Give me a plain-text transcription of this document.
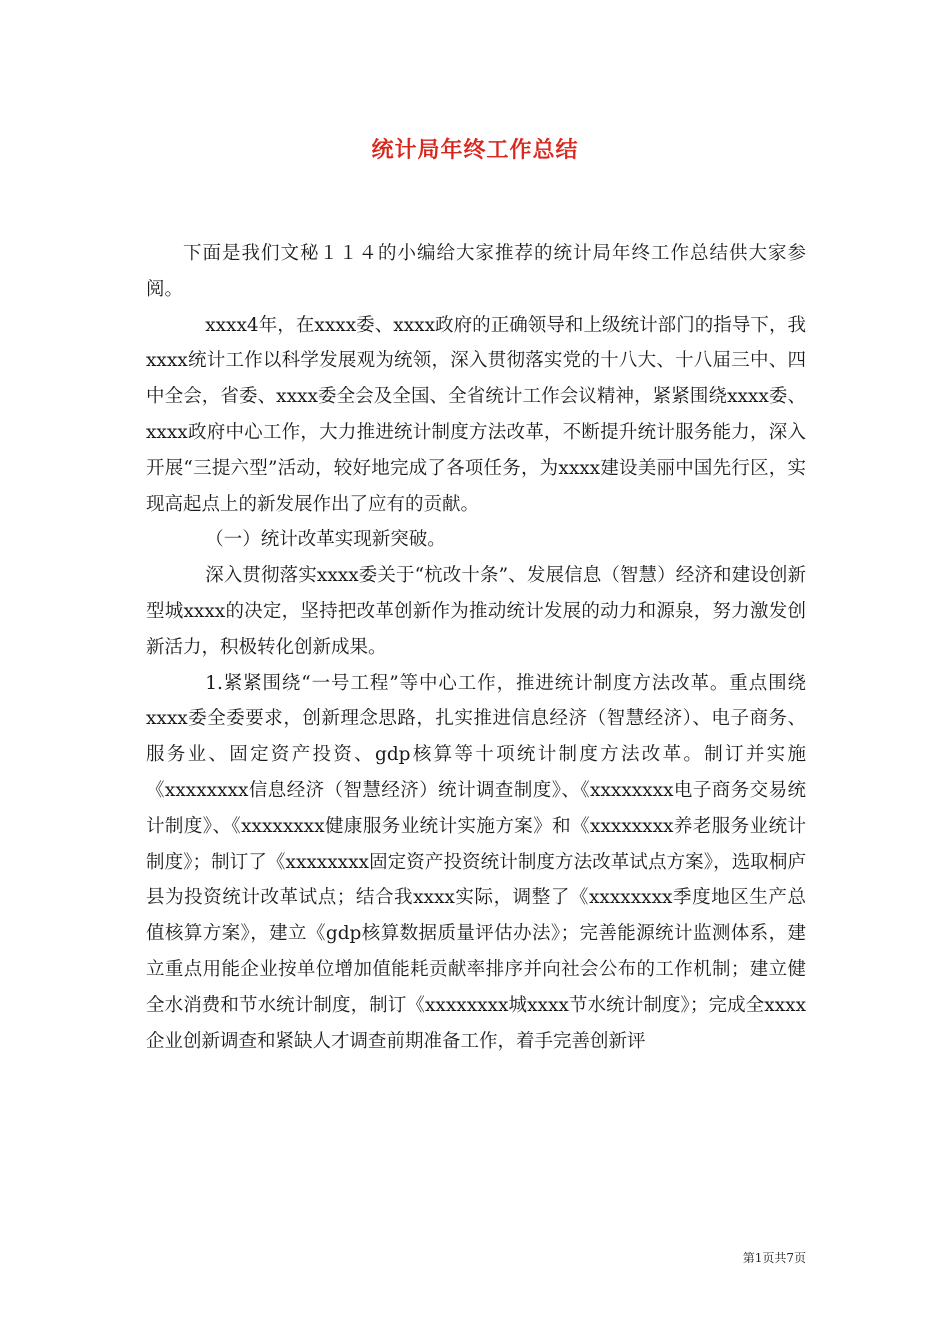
统计局年终工作总结

下面是我们文秘１１４的小编给大家推荐的统计局年终工作总结供大家参阅。

xxxx4年，在xxxx委、xxxx政府的正确领导和上级统计部门的指导下，我xxxx统计工作以科学发展观为统领，深入贯彻落实党的十八大、十八届三中、四中全会，省委、xxxx委全会及全国、全省统计工作会议精神，紧紧围绕xxxx委、xxxx政府中心工作，大力推进统计制度方法改革，不断提升统计服务能力，深入开展“三提六型”活动，较好地完成了各项任务，为xxxx建设美丽中国先行区，实现高起点上的新发展作出了应有的贡献。

（一）统计改革实现新突破。

深入贯彻落实xxxx委关于“杭改十条”、发展信息（智慧）经济和建设创新型城xxxx的决定，坚持把改革创新作为推动统计发展的动力和源泉，努力激发创新活力，积极转化创新成果。

1.紧紧围绕“一号工程”等中心工作，推进统计制度方法改革。重点围绕xxxx委全委要求，创新理念思路，扎实推进信息经济（智慧经济）、电子商务、服务业、固定资产投资、gdp核算等十项统计制度方法改革。制订并实施《xxxxxxxx信息经济（智慧经济）统计调查制度》、《xxxxxxxx电子商务交易统计制度》、《xxxxxxxx健康服务业统计实施方案》和《xxxxxxxx养老服务业统计制度》；制订了《xxxxxxxx固定资产投资统计制度方法改革试点方案》，选取桐庐县为投资统计改革试点；结合我xxxx实际，调整了《xxxxxxxx季度地区生产总值核算方案》，建立《gdp核算数据质量评估办法》；完善能源统计监测体系，建立重点用能企业按单位增加值能耗贡献率排序并向社会公布的工作机制；建立健全水消费和节水统计制度，制订《xxxxxxxx城xxxx节水统计制度》；完成全xxxx企业创新调查和紧缺人才调查前期准备工作，着手完善创新评

第1页共7页
